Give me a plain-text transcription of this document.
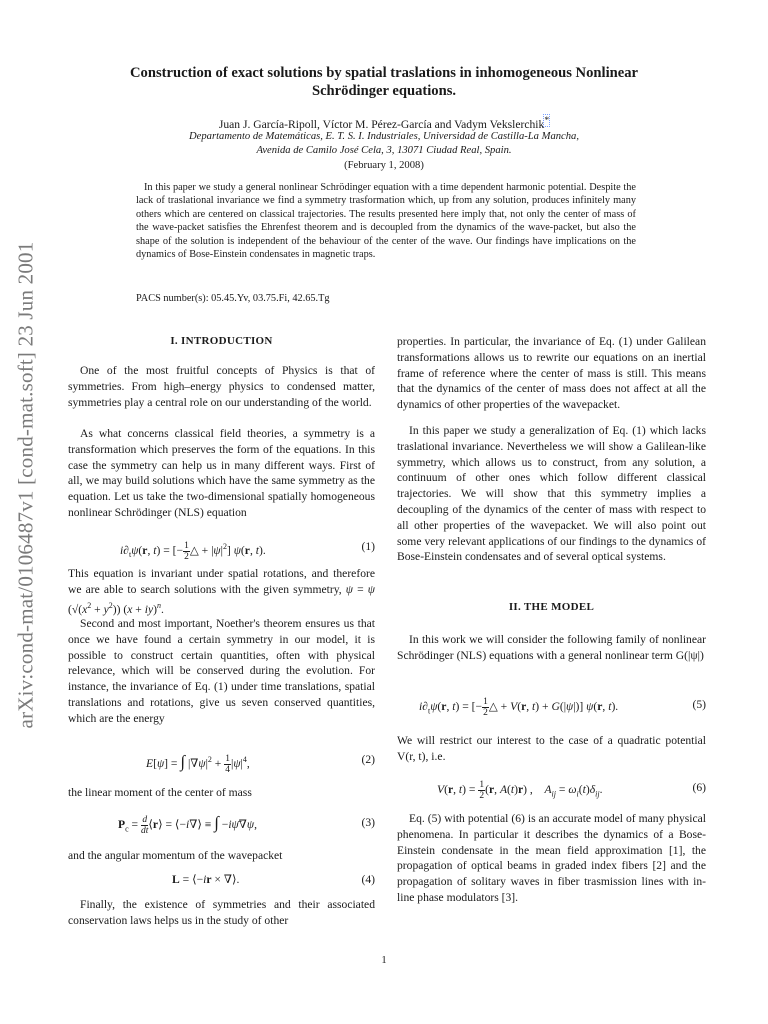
arXiv:cond-mat/0106487v1 [cond-mat.soft] 23 Jun 2001
Construction of exact solutions by spatial traslations in inhomogeneous Nonlinear
Schrödinger equations.
Juan J. García-Ripoll, Víctor M. Pérez-García and Vadym Vekslerchik*
Departamento de Matemáticas, E. T. S. I. Industriales, Universidad de Castilla-La Mancha,
Avenida de Camilo José Cela, 3, 13071 Ciudad Real, Spain.
(February 1, 2008)
In this paper we study a general nonlinear Schrödinger equation with a time dependent harmonic potential. Despite the lack of traslational invariance we find a symmetry trasformation which, up from any solution, produces infinitely many others which are centered on classical trajectories. The results presented here imply that, not only the center of mass of the wave-packet satisfies the Ehrenfest theorem and is decoupled from the dynamics of the wave-packet, but also the shape of the solution is independent of the behaviour of the center of the wave. Our findings have implications on the dynamics of Bose-Einstein condensates in magnetic traps.
PACS number(s): 05.45.Yv, 03.75.Fi, 42.65.Tg
I. INTRODUCTION

One of the most fruitful concepts of Physics is that of symmetries. From high–energy physics to condensed matter, symmetries play a central role on our understanding of the world.

As what concerns classical field theories, a symmetry is a transformation which preserves the form of the equations. In this case the symmetry can help us in many different ways. First of all, we may build solutions which have the same symmetry as the equation. Let us take the two-dimensional spatially homogeneous nonlinear Schrödinger (NLS) equation

$i\partial_t\psi(r$, t) = [− $\frac{1}{2}$ △ + $|\psi|^2$] ψ(r, t).	(1)

This equation is invariant under spatial rotations, and therefore we are able to search solutions with the given symmetry, ψ = ψ $(√(x^2 + y^2)) (x + iy)^n$.

Second and most important, Noether's theorem ensures us that once we have found a certain symmetry in our model, it is possible to construct certain quantities, often with physical relevance, which will be conserved during the evolution. For instance, the invariance of Eq. (1) under time translations, spatial translations and rotations, give us seven conserved quantities, which are the energy

E[ψ] = ∫ $|\nabla\psi|^2 + \frac{1}{4} |\psi|^4$,	(2)

the linear moment of the center of mass

$P_c = \frac{d}{dt}$ ⟨r⟩ = ⟨−i∇⟩ ≡ ∫ −iψ̄∇ψ,	(3)

and the angular momentum of the wavepacket

L = ⟨−ir × ∇⟩.	(4)

Finally, the existence of symmetries and their associated conservation laws helps us in the study of other

properties. In particular, the invariance of Eq. (1) under Galilean transformations allows us to rewrite our equations on an inertial frame of reference where the center of mass is still. This means that the dynamics of the center of mass does not affect at all the dynamics of other properties of the wavepacket.

In this paper we study a generalization of Eq. (1) which lacks traslational invariance. Nevertheless we will show a Galilean-like symmetry, which allows us to construct, from any solution, a continuum of other ones which follow different classical trajectories. We will show that this symmetry implies a decoupling of the dynamics of the center of mass with respect to all other properties of the wavepacket. We will also point out some very relevant applications of our findings to the dynamics of Bose-Einstein condensates and of several optical systems.

II. THE MODEL

In this work we will consider the following family of nonlinear Schrödinger (NLS) equations with a general nonlinear term G(|ψ|)

$i\partial_t\psi(r$, t) = [− $\frac{1}{2}$ △ + V(r, t) + G(|ψ|)] ψ(r, t).	(5)

We will restrict our interest to the case of a quadratic potential V(r, t), i.e.

V(r, $t) = \frac{1}{2} (r$, A(t)r) ,    $A_{ij} = \omega_i(t)\delta_{ij}$.	(6)

Eq. (5) with potential (6) is an accurate model of many physical phenomena. In particular it describes the dynamics of a Bose-Einstein condensate in the mean field approximation [1], the propagation of optical beams in graded index fibers [2] and the propagation of solitary waves in fiber trasmission lines with in-line phase modulators [3].

1
